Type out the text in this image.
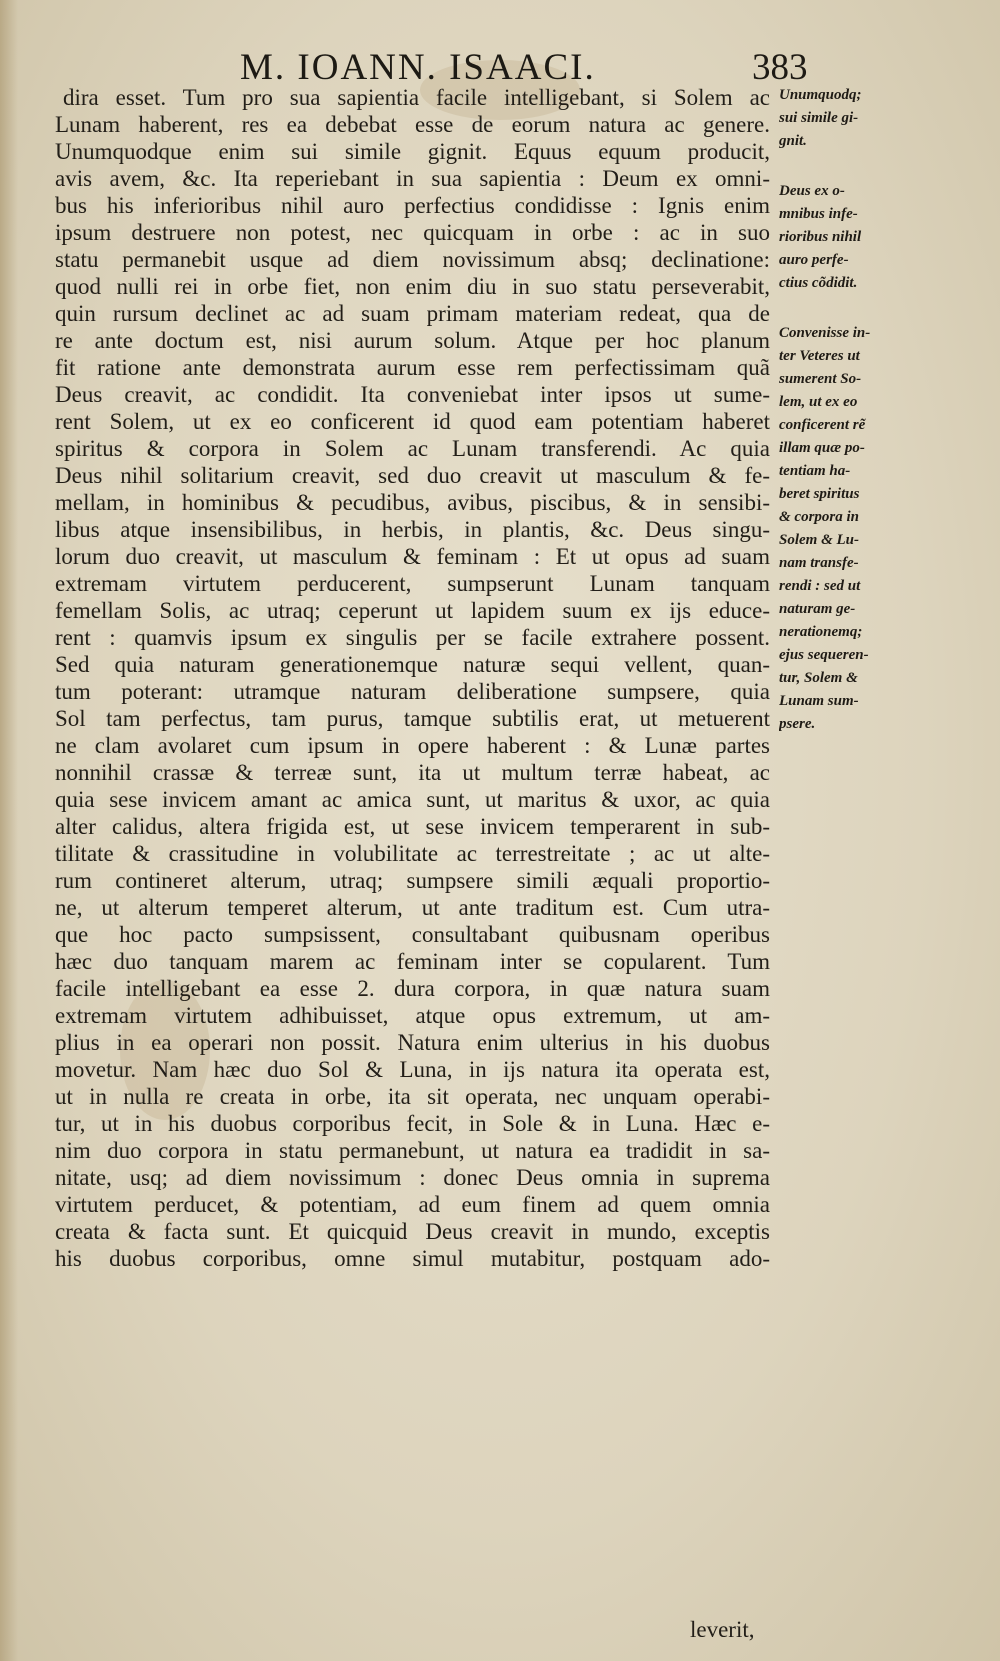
M. IOANN. ISAACI.	383
dira esset. Tum pro sua sapientia facile intelligebant, si Solem ac
Lunam haberent, res ea debebat esse de eorum natura ac genere.
Unumquodque enim sui simile gignit. Equus equum producit,
avis avem, &c. Ita reperiebant in sua sapientia : Deum ex omni-
bus his inferioribus nihil auro perfectius condidisse : Ignis enim
ipsum destruere non potest, nec quicquam in orbe : ac in suo
statu permanebit usque ad diem novissimum absq; declinatione:
quod nulli rei in orbe fiet, non enim diu in suo statu perseverabit,
quin rursum declinet ac ad suam primam materiam redeat, qua de
re ante doctum est, nisi aurum solum. Atque per hoc planum
fit ratione ante demonstrata aurum esse rem perfectissimam quã
Deus creavit, ac condidit. Ita conveniebat inter ipsos ut sume-
rent Solem, ut ex eo conficerent id quod eam potentiam haberet
spiritus & corpora in Solem ac Lunam transferendi. Ac quia
Deus nihil solitarium creavit, sed duo creavit ut masculum & fe-
mellam, in hominibus & pecudibus, avibus, piscibus, & in sensibi-
libus atque insensibilibus, in herbis, in plantis, &c. Deus singu-
lorum duo creavit, ut masculum & feminam : Et ut opus ad suam
extremam virtutem perducerent, sumpserunt Lunam tanquam
femellam Solis, ac utraq; ceperunt ut lapidem suum ex ijs educe-
rent : quamvis ipsum ex singulis per se facile extrahere possent.
Sed quia naturam generationemque naturæ sequi vellent, quan-
tum poterant: utramque naturam deliberatione sumpsere, quia
Sol tam perfectus, tam purus, tamque subtilis erat, ut metuerent
ne clam avolaret cum ipsum in opere haberent : & Lunæ partes
nonnihil crassæ & terreæ sunt, ita ut multum terræ habeat, ac
quia sese invicem amant ac amica sunt, ut maritus & uxor, ac quia
alter calidus, altera frigida est, ut sese invicem temperarent in sub-
tilitate & crassitudine in volubilitate ac terrestreitate ; ac ut alte-
rum contineret alterum, utraq; sumpsere simili æquali proportio-
ne, ut alterum temperet alterum, ut ante traditum est. Cum utra-
que hoc pacto sumpsissent, consultabant quibusnam operibus
hæc duo tanquam marem ac feminam inter se copularent. Tum
facile intelligebant ea esse 2. dura corpora, in quæ natura suam
extremam virtutem adhibuisset, atque opus extremum, ut am-
plius in ea operari non possit. Natura enim ulterius in his duobus
movetur. Nam hæc duo Sol & Luna, in ijs natura ita operata est,
ut in nulla re creata in orbe, ita sit operata, nec unquam operabi-
tur, ut in his duobus corporibus fecit, in Sole & in Luna. Hæc e-
nim duo corpora in statu permanebunt, ut natura ea tradidit in sa-
nitate, usq; ad diem novissimum : donec Deus omnia in suprema
virtutem perducet, & potentiam, ad eum finem ad quem omnia
creata & facta sunt. Et quicquid Deus creavit in mundo, exceptis
his duobus corporibus, omne simul mutabitur, postquam ado-
Unumquodq;
sui simile gi-
gnit.
Deus ex o-
mnibus infe-
rioribus nihil
auro perfe-
ctius cõdidit.
Convenisse in-
ter Veteres ut
sumerent So-
lem, ut ex eo
conficerent rẽ
illam quæ po-
tentiam ha-
beret spiritus
& corpora in
Solem & Lu-
nam transfe-
rendi : sed ut
naturam ge-
nerationemq;
ejus sequeren-
tur, Solem &
Lunam sum-
psere.
leverit,
